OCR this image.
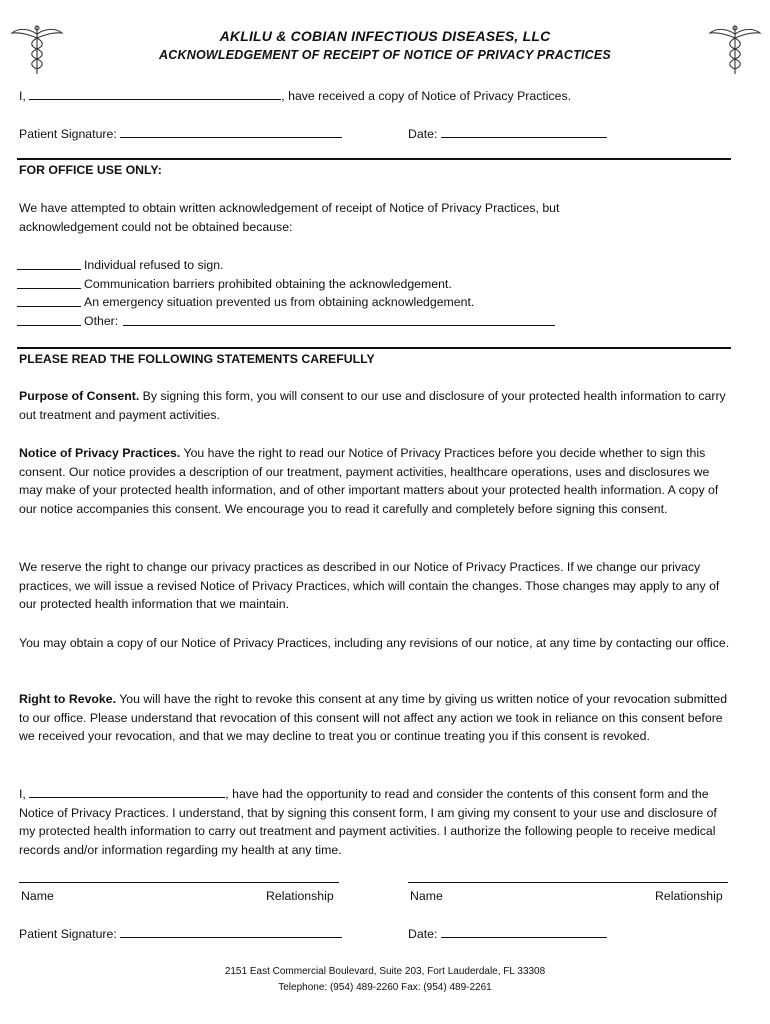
AKLILU & COBIAN INFECTIOUS DISEASES, LLC
ACKNOWLEDGEMENT OF RECEIPT OF NOTICE OF PRIVACY PRACTICES
I,	, have received a copy of Notice of Privacy Practices.
Patient Signature:	Date:
FOR OFFICE USE ONLY:
We have attempted to obtain written acknowledgement of receipt of Notice of Privacy Practices, but acknowledgement could not be obtained because:
Individual refused to sign.
Communication barriers prohibited obtaining the acknowledgement.
An emergency situation prevented us from obtaining acknowledgement.
Other:
PLEASE READ THE FOLLOWING STATEMENTS CAREFULLY
Purpose of Consent. By signing this form, you will consent to our use and disclosure of your protected health information to carry out treatment and payment activities.
Notice of Privacy Practices. You have the right to read our Notice of Privacy Practices before you decide whether to sign this consent. Our notice provides a description of our treatment, payment activities, healthcare operations, uses and disclosures we may make of your protected health information, and of other important matters about your protected health information. A copy of our notice accompanies this consent. We encourage you to read it carefully and completely before signing this consent.
We reserve the right to change our privacy practices as described in our Notice of Privacy Practices. If we change our privacy practices, we will issue a revised Notice of Privacy Practices, which will contain the changes. Those changes may apply to any of our protected health information that we maintain.
You may obtain a copy of our Notice of Privacy Practices, including any revisions of our notice, at any time by contacting our office.
Right to Revoke. You will have the right to revoke this consent at any time by giving us written notice of your revocation submitted to our office. Please understand that revocation of this consent will not affect any action we took in reliance on this consent before we received your revocation, and that we may decline to treat you or continue treating you if this consent is revoked.
I,	, have had the opportunity to read and consider the contents of this consent form and the Notice of Privacy Practices. I understand, that by signing this consent form, I am giving my consent to your use and disclosure of my protected health information to carry out treatment and payment activities. I authorize the following people to receive medical records and/or information regarding my health at any time.
Name	Relationship	Name	Relationship
Patient Signature:	Date:
2151 East Commercial Boulevard, Suite 203, Fort Lauderdale, FL 33308
Telephone: (954) 489-2260 Fax: (954) 489-2261
